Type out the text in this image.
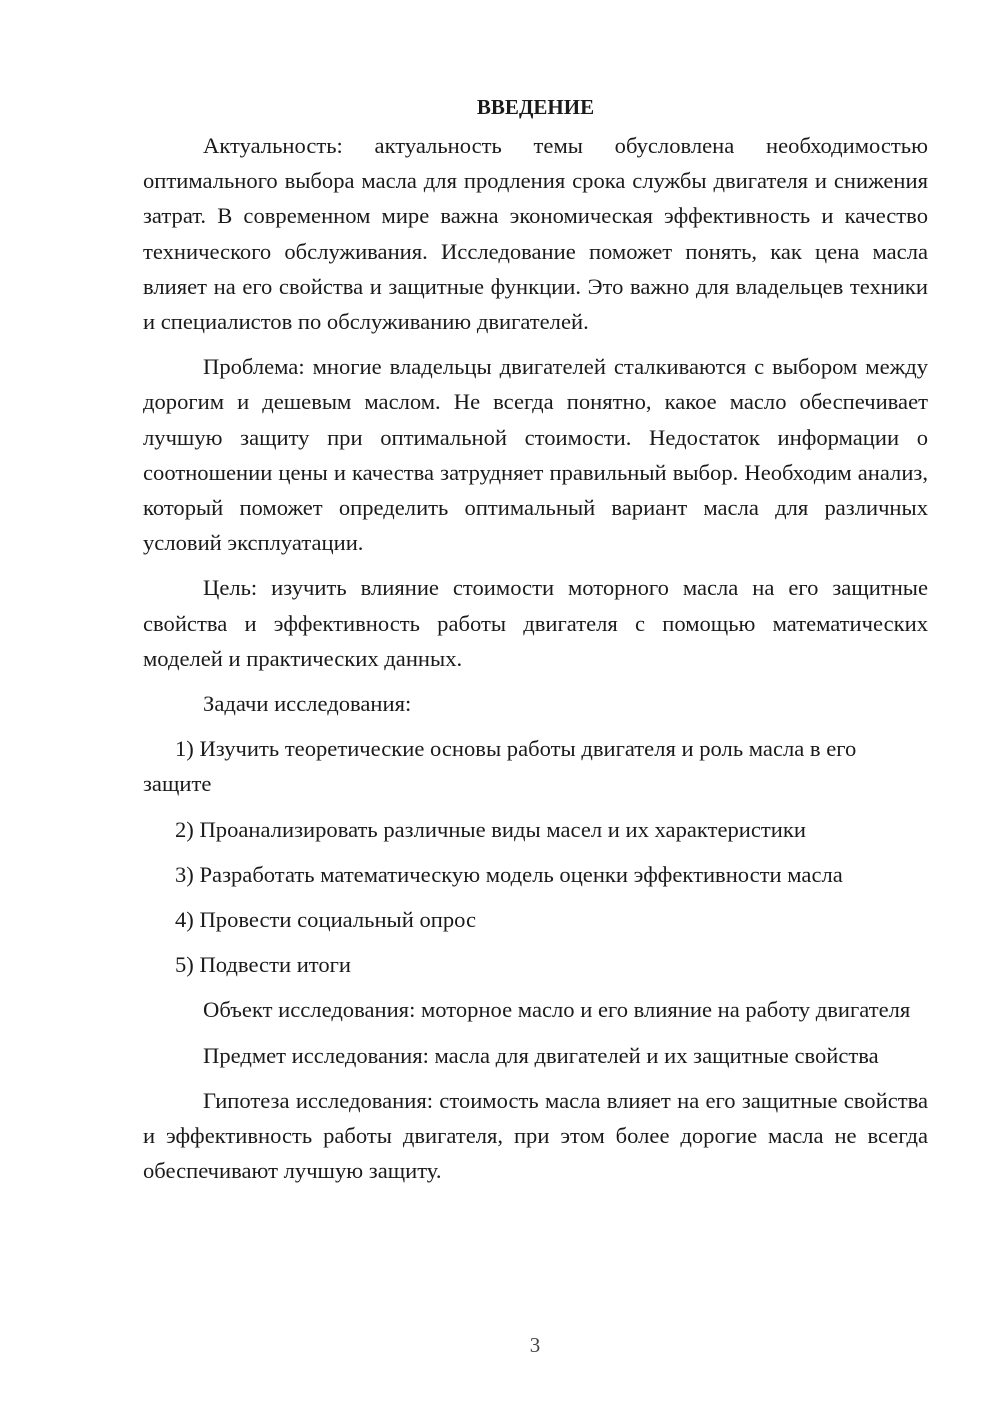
ВВЕДЕНИЕ

Актуальность: актуальность темы обусловлена необходимостью оптимального выбора масла для продления срока службы двигателя и снижения затрат. В современном мире важна экономическая эффективность и качество технического обслуживания. Исследование поможет понять, как цена масла влияет на его свойства и защитные функции. Это важно для владельцев техники и специалистов по обслуживанию двигателей.

Проблема: многие владельцы двигателей сталкиваются с выбором между дорогим и дешевым маслом. Не всегда понятно, какое масло обеспечивает лучшую защиту при оптимальной стоимости. Недостаток информации о соотношении цены и качества затрудняет правильный выбор. Необходим анализ, который поможет определить оптимальный вариант масла для различных условий эксплуатации.

Цель: изучить влияние стоимости моторного масла на его защитные свойства и эффективность работы двигателя с помощью математических моделей и практических данных.

Задачи исследования:

1) Изучить теоретические основы работы двигателя и роль масла в его защите

2) Проанализировать различные виды масел и их характеристики

3) Разработать математическую модель оценки эффективности масла

4) Провести социальный опрос

5) Подвести итоги

Объект исследования: моторное масло и его влияние на работу двигателя

Предмет исследования: масла для двигателей и их защитные свойства

Гипотеза исследования: стоимость масла влияет на его защитные свойства и эффективность работы двигателя, при этом более дорогие масла не всегда обеспечивают лучшую защиту.

3
